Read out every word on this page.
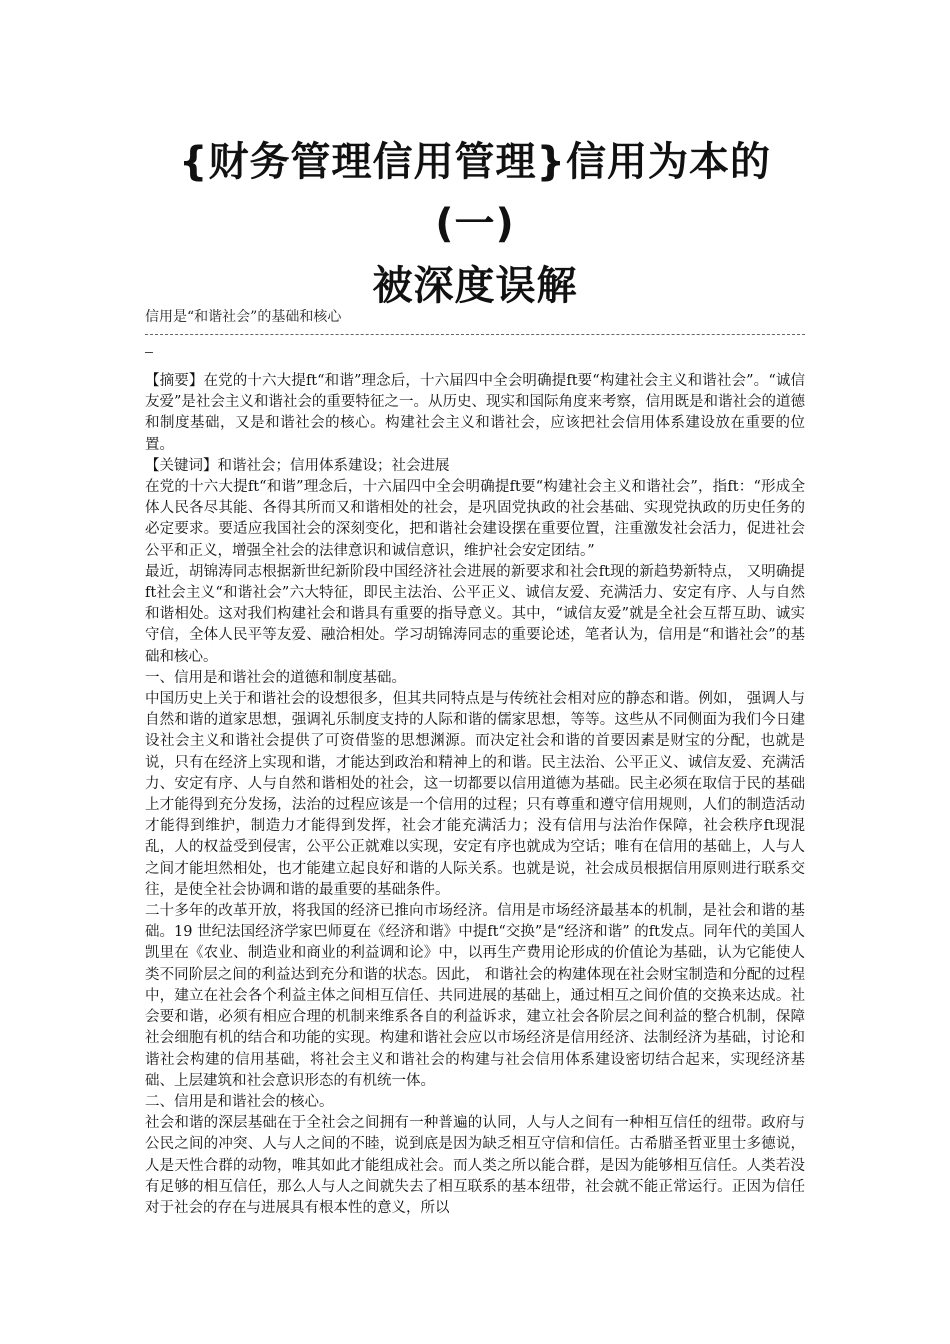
{财务管理信用管理}信用为本的
(一)
被深度误解
信用是“和谐社会”的基础和核心

【摘要】在党的十六大提ft“和谐”理念后，十六届四中全会明确提ft要“构建社会主义和谐社会”。“诚信友爱”是社会主义和谐社会的重要特征之一。从历史、现实和国际角度来考察，信用既是和谐社会的道德和制度基础，又是和谐社会的核心。构建社会主义和谐社会，应该把社会信用体系建设放在重要的位置。

【关键词】和谐社会；信用体系建设；社会进展

在党的十六大提ft“和谐”理念后，十六届四中全会明确提ft要“构建社会主义和谐社会”，指ft：“形成全体人民各尽其能、各得其所而又和谐相处的社会，是巩固党执政的社会基础、实现党执政的历史任务的必定要求。要适应我国社会的深刻变化，把和谐社会建设摆在重要位置，注重激发社会活力，促进社会公平和正义，增强全社会的法律意识和诚信意识，维护社会安定团结。”

最近，胡锦涛同志根据新世纪新阶段中国经济社会进展的新要求和社会ft现的新趋势新特点， 又明确提ft社会主义“和谐社会”六大特征，即民主法治、公平正义、诚信友爱、充满活力、安定有序、人与自然和谐相处。这对我们构建社会和谐具有重要的指导意义。其中，“诚信友爱”就是全社会互帮互助、诚实守信，全体人民平等友爱、融洽相处。学习胡锦涛同志的重要论述，笔者认为，信用是“和谐社会”的基础和核心。

一、信用是和谐社会的道德和制度基础。

中国历史上关于和谐社会的设想很多，但其共同特点是与传统社会相对应的静态和谐。例如， 强调人与自然和谐的道家思想，强调礼乐制度支持的人际和谐的儒家思想，等等。这些从不同侧面为我们今日建设社会主义和谐社会提供了可资借鉴的思想渊源。而决定社会和谐的首要因素是财宝的分配，也就是说，只有在经济上实现和谐，才能达到政治和精神上的和谐。民主法治、公平正义、诚信友爱、充满活力、安定有序、人与自然和谐相处的社会，这一切都要以信用道德为基础。民主必须在取信于民的基础上才能得到充分发扬，法治的过程应该是一个信用的过程；只有尊重和遵守信用规则，人们的制造活动才能得到维护，制造力才能得到发挥，社会才能充满活力；没有信用与法治作保障，社会秩序ft现混乱，人的权益受到侵害，公平公正就难以实现，安定有序也就成为空话；唯有在信用的基础上，人与人之间才能坦然相处，也才能建立起良好和谐的人际关系。也就是说，社会成员根据信用原则进行联系交往，是使全社会协调和谐的最重要的基础条件。

二十多年的改革开放，将我国的经济已推向市场经济。信用是市场经济最基本的机制，是社会和谐的基础。19 世纪法国经济学家巴师夏在《经济和谐》中提ft“交换”是“经济和谐” 的ft发点。同年代的美国人凯里在《农业、制造业和商业的利益调和论》中，以再生产费用论形成的价值论为基础，认为它能使人类不同阶层之间的利益达到充分和谐的状态。因此， 和谐社会的构建体现在社会财宝制造和分配的过程中，建立在社会各个利益主体之间相互信任、共同进展的基础上，通过相互之间价值的交换来达成。社会要和谐，必须有相应合理的机制来维系各自的利益诉求，建立社会各阶层之间利益的整合机制，保障社会细胞有机的结合和功能的实现。构建和谐社会应以市场经济是信用经济、法制经济为基础，讨论和谐社会构建的信用基础，将社会主义和谐社会的构建与社会信用体系建设密切结合起来，实现经济基础、上层建筑和社会意识形态的有机统一体。

二、信用是和谐社会的核心。

社会和谐的深层基础在于全社会之间拥有一种普遍的认同，人与人之间有一种相互信任的纽带。政府与公民之间的冲突、人与人之间的不睦，说到底是因为缺乏相互守信和信任。古希腊圣哲亚里士多德说，人是天性合群的动物，唯其如此才能组成社会。而人类之所以能合群，是因为能够相互信任。人类若没有足够的相互信任，那么人与人之间就失去了相互联系的基本纽带，社会就不能正常运行。正因为信任对于社会的存在与进展具有根本性的意义，所以
